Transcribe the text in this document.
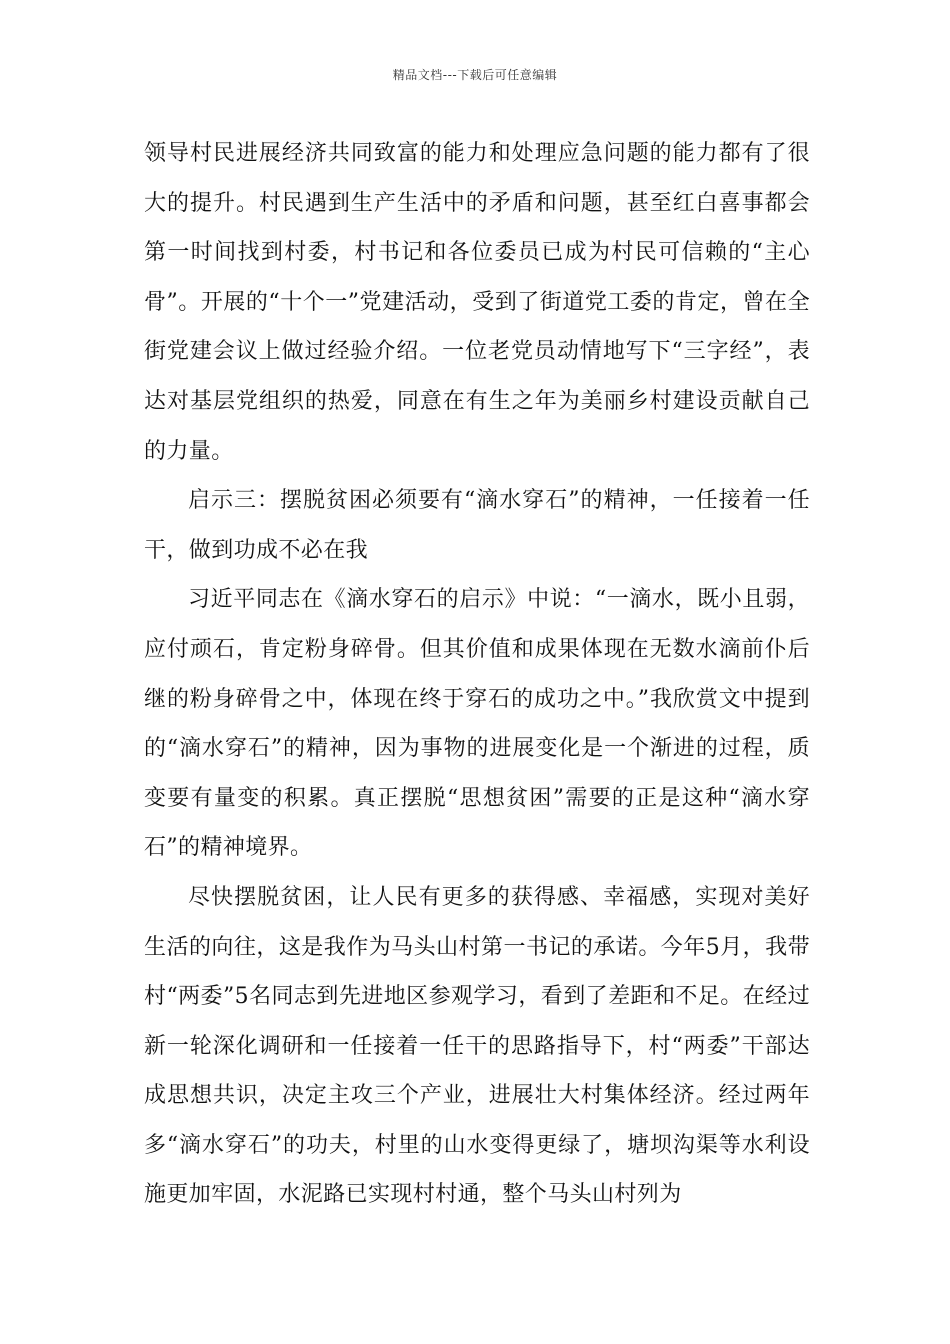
精品文档---下载后可任意编辑

领导村民进展经济共同致富的能力和处理应急问题的能力都有了很大的提升。村民遇到生产生活中的矛盾和问题，甚至红白喜事都会第一时间找到村委，村书记和各位委员已成为村民可信赖的“主心骨”。开展的“十个一”党建活动，受到了街道党工委的肯定，曾在全街党建会议上做过经验介绍。一位老党员动情地写下“三字经”，表达对基层党组织的热爱，同意在有生之年为美丽乡村建设贡献自己的力量。

启示三：摆脱贫困必须要有“滴水穿石”的精神，一任接着一任干，做到功成不必在我

习近平同志在《滴水穿石的启示》中说：“一滴水，既小且弱，应付顽石，肯定粉身碎骨。但其价值和成果体现在无数水滴前仆后继的粉身碎骨之中，体现在终于穿石的成功之中。”我欣赏文中提到的“滴水穿石”的精神，因为事物的进展变化是一个渐进的过程，质变要有量变的积累。真正摆脱“思想贫困”需要的正是这种“滴水穿石”的精神境界。

尽快摆脱贫困，让人民有更多的获得感、幸福感，实现对美好生活的向往，这是我作为马头山村第一书记的承诺。今年5月，我带村“两委”5名同志到先进地区参观学习，看到了差距和不足。在经过新一轮深化调研和一任接着一任干的思路指导下，村“两委”干部达成思想共识，决定主攻三个产业，进展壮大村集体经济。经过两年多“滴水穿石”的功夫，村里的山水变得更绿了，塘坝沟渠等水利设施更加牢固，水泥路已实现村村通，整个马头山村列为
